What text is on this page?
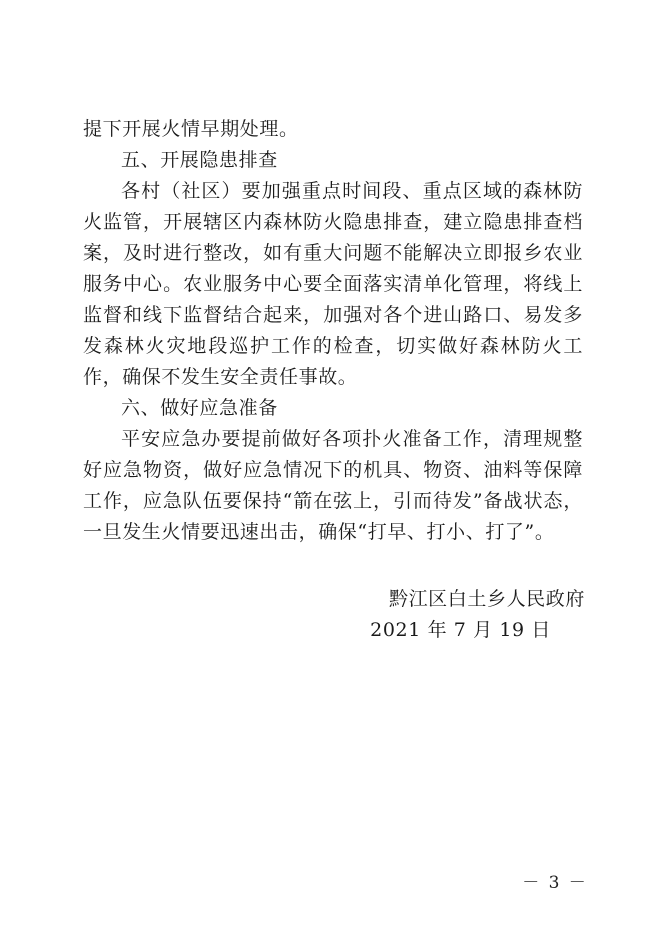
提下开展火情早期处理。

五、开展隐患排查

各村（社区）要加强重点时间段、重点区域的森林防火监管，开展辖区内森林防火隐患排查，建立隐患排查档案，及时进行整改，如有重大问题不能解决立即报乡农业服务中心。农业服务中心要全面落实清单化管理，将线上监督和线下监督结合起来，加强对各个进山路口、易发多发森林火灾地段巡护工作的检查，切实做好森林防火工作，确保不发生安全责任事故。

六、做好应急准备

平安应急办要提前做好各项扑火准备工作，清理规整好应急物资，做好应急情况下的机具、物资、油料等保障工作，应急队伍要保持“箭在弦上，引而待发”备战状态，一旦发生火情要迅速出击，确保“打早、打小、打了”。

黔江区白土乡人民政府
2021 年 7 月 19 日
－ 3 －
